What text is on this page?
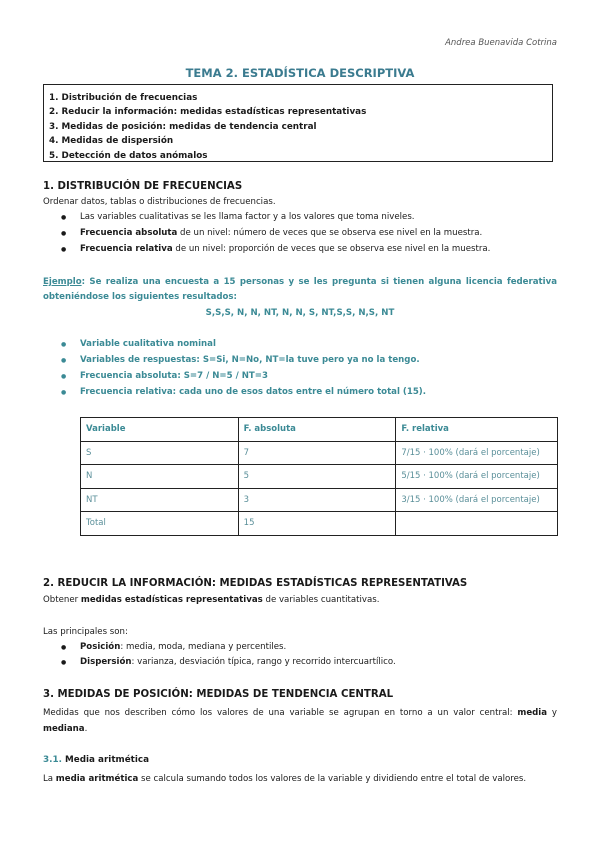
Andrea Buenavida Cotrina
TEMA 2. ESTADÍSTICA DESCRIPTIVA
1. Distribución de frecuencias
2. Reducir la información: medidas estadísticas representativas
3. Medidas de posición: medidas de tendencia central
4. Medidas de dispersión
5. Detección de datos anómalos
1. DISTRIBUCIÓN DE FRECUENCIAS
Ordenar datos, tablas o distribuciones de frecuencias.
● Las variables cualitativas se les llama factor y a los valores que toma niveles.
● Frecuencia absoluta de un nivel: número de veces que se observa ese nivel en la muestra.
● Frecuencia relativa de un nivel: proporción de veces que se observa ese nivel en la muestra.
Ejemplo: Se realiza una encuesta a 15 personas y se les pregunta si tienen alguna licencia federativa obteniéndose los siguientes resultados:
S,S,S, N, N, NT, N, N, S, NT,S,S, N,S, NT
● Variable cualitativa nominal
● Variables de respuestas: S=Si, N=No, NT=la tuve pero ya no la tengo.
● Frecuencia absoluta: S=7 / N=5 / NT=3
● Frecuencia relativa: cada uno de esos datos entre el número total (15).
Variable	F. absoluta	F. relativa
S	7	7/15 · 100% (dará el porcentaje)
N	5	5/15 · 100% (dará el porcentaje)
NT	3	3/15 · 100% (dará el porcentaje)
Total	15	
2. REDUCIR LA INFORMACIÓN: MEDIDAS ESTADÍSTICAS REPRESENTATIVAS
Obtener medidas estadísticas representativas de variables cuantitativas.
Las principales son:
● Posición: media, moda, mediana y percentiles.
● Dispersión: varianza, desviación típica, rango y recorrido intercuartílico.
3. MEDIDAS DE POSICIÓN: MEDIDAS DE TENDENCIA CENTRAL
Medidas que nos describen cómo los valores de una variable se agrupan en torno a un valor central: media y mediana.
3.1. Media aritmética
La media aritmética se calcula sumando todos los valores de la variable y dividiendo entre el total de valores.
